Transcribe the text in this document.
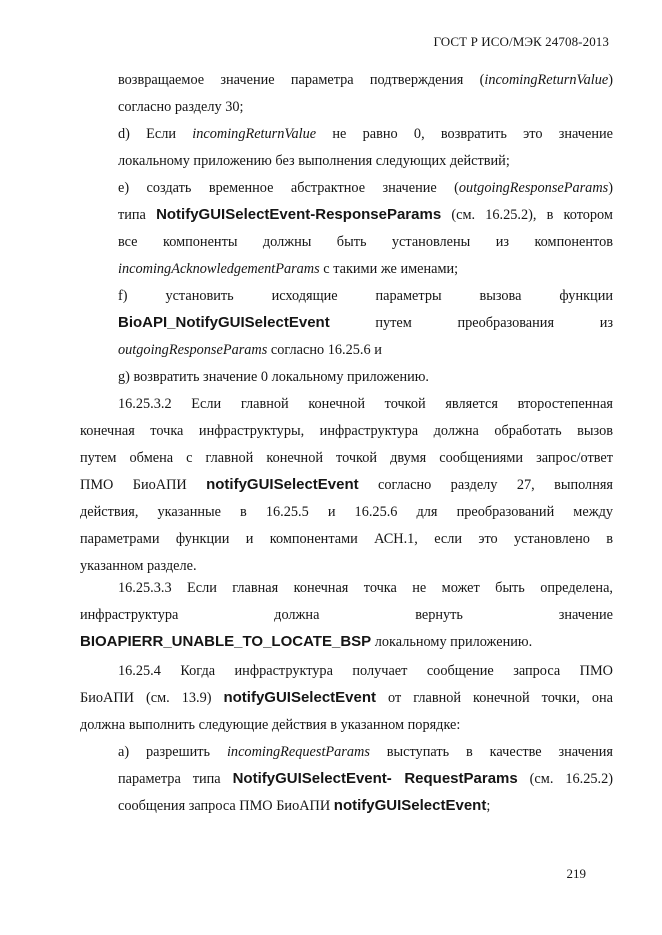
ГОСТ Р ИСО/МЭК 24708-2013
возвращаемое значение параметра подтверждения (incomingReturnValue)
согласно разделу 30;
d) Если incomingReturnValue не равно 0, возвратить это значение
локальному приложению без выполнения следующих действий;
e) создать временное абстрактное значение (outgoingResponseParams)
типа NotifyGUISelectEvent-ResponseParams (см. 16.25.2), в котором
все компоненты должны быть установлены из компонентов
incomingAcknowledgementParams с такими же именами;
f) установить исходящие параметры вызова функции
BioAPI_NotifyGUISelectEvent путем преобразования из
outgoingResponseParams согласно 16.25.6 и
g) возвратить значение 0 локальному приложению.
16.25.3.2 Если главной конечной точкой является второстепенная
конечная точка инфраструктуры, инфраструктура должна обработать вызов
путем обмена с главной конечной точкой двумя сообщениями запрос/ответ
ПМО БиоАПИ notifyGUISelectEvent согласно разделу 27, выполняя
действия, указанные в 16.25.5 и 16.25.6 для преобразований между
параметрами функции и компонентами АСН.1, если это установлено в
указанном разделе.
16.25.3.3 Если главная конечная точка не может быть определена,
инфраструктура должна вернуть значение
BIOAPIERR_UNABLE_TO_LOCATE_BSP локальному приложению.
16.25.4 Когда инфраструктура получает сообщение запроса ПМО
БиоАПИ (см. 13.9) notifyGUISelectEvent от главной конечной точки, она
должна выполнить следующие действия в указанном порядке:
а) разрешить incomingRequestParams выступать в качестве значения
параметра типа NotifyGUISelectEvent- RequestParams (см. 16.25.2)
сообщения запроса ПМО БиоАПИ notifyGUISelectEvent;
219
